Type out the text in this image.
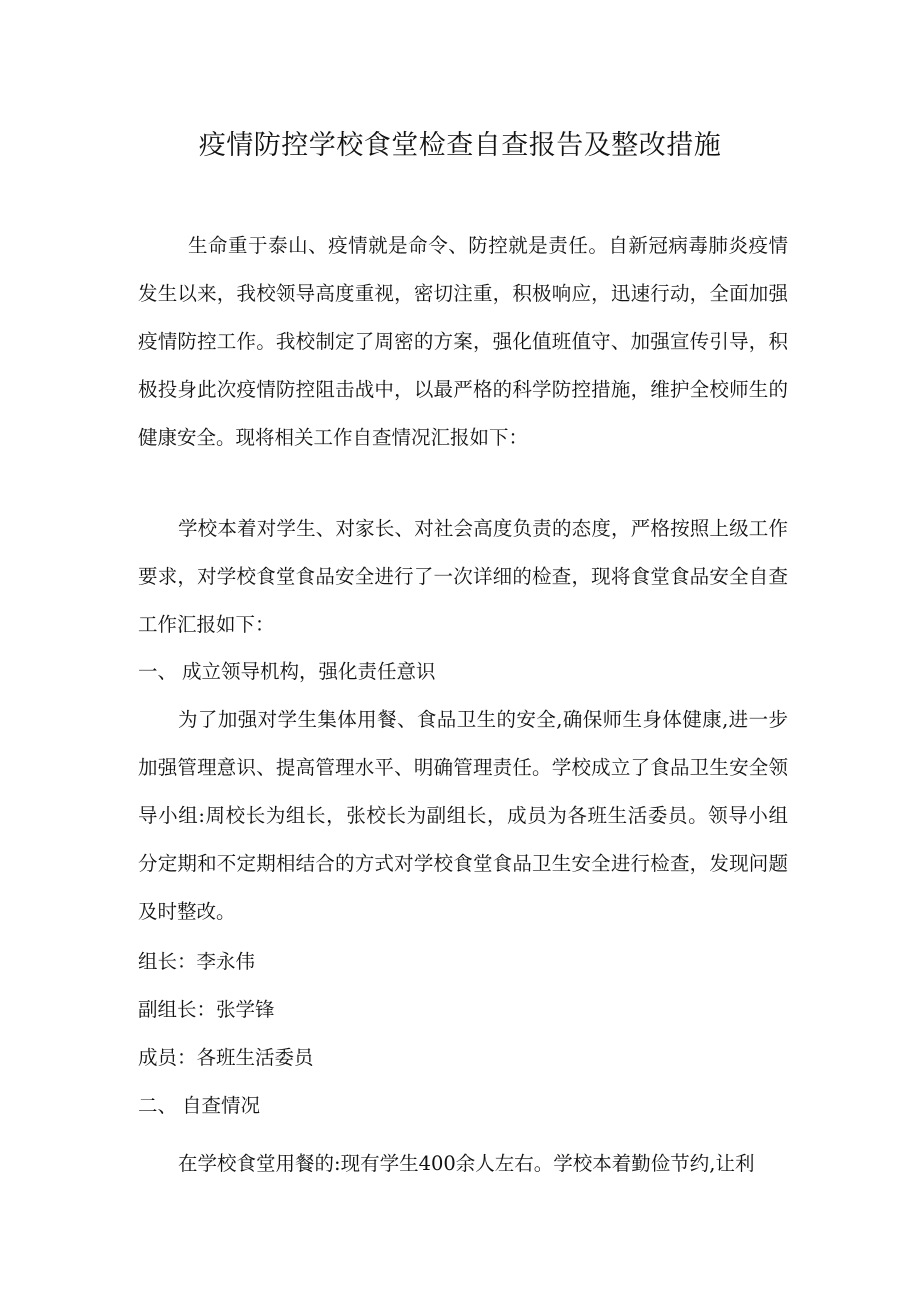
疫情防控学校食堂检查自查报告及整改措施

生命重于泰山、疫情就是命令、防控就是责任。自新冠病毒肺炎疫情发生以来，我校领导高度重视，密切注重，积极响应，迅速行动，全面加强疫情防控工作。我校制定了周密的方案，强化值班值守、加强宣传引导，积极投身此次疫情防控阻击战中，以最严格的科学防控措施，维护全校师生的健康安全。现将相关工作自查情况汇报如下：

学校本着对学生、对家长、对社会高度负责的态度，严格按照上级工作要求，对学校食堂食品安全进行了一次详细的检查，现将食堂食品安全自查工作汇报如下：

一、 成立领导机构，强化责任意识

为了加强对学生集体用餐、食品卫生的安全,确保师生身体健康,进一步加强管理意识、提高管理水平、明确管理责任。学校成立了食品卫生安全领导小组:周校长为组长，张校长为副组长，成员为各班生活委员。领导小组分定期和不定期相结合的方式对学校食堂食品卫生安全进行检查，发现问题及时整改。

组长：李永伟

副组长：张学锋

成员：各班生活委员

二、 自查情况

在学校食堂用餐的:现有学生400余人左右。学校本着勤俭节约,让利
